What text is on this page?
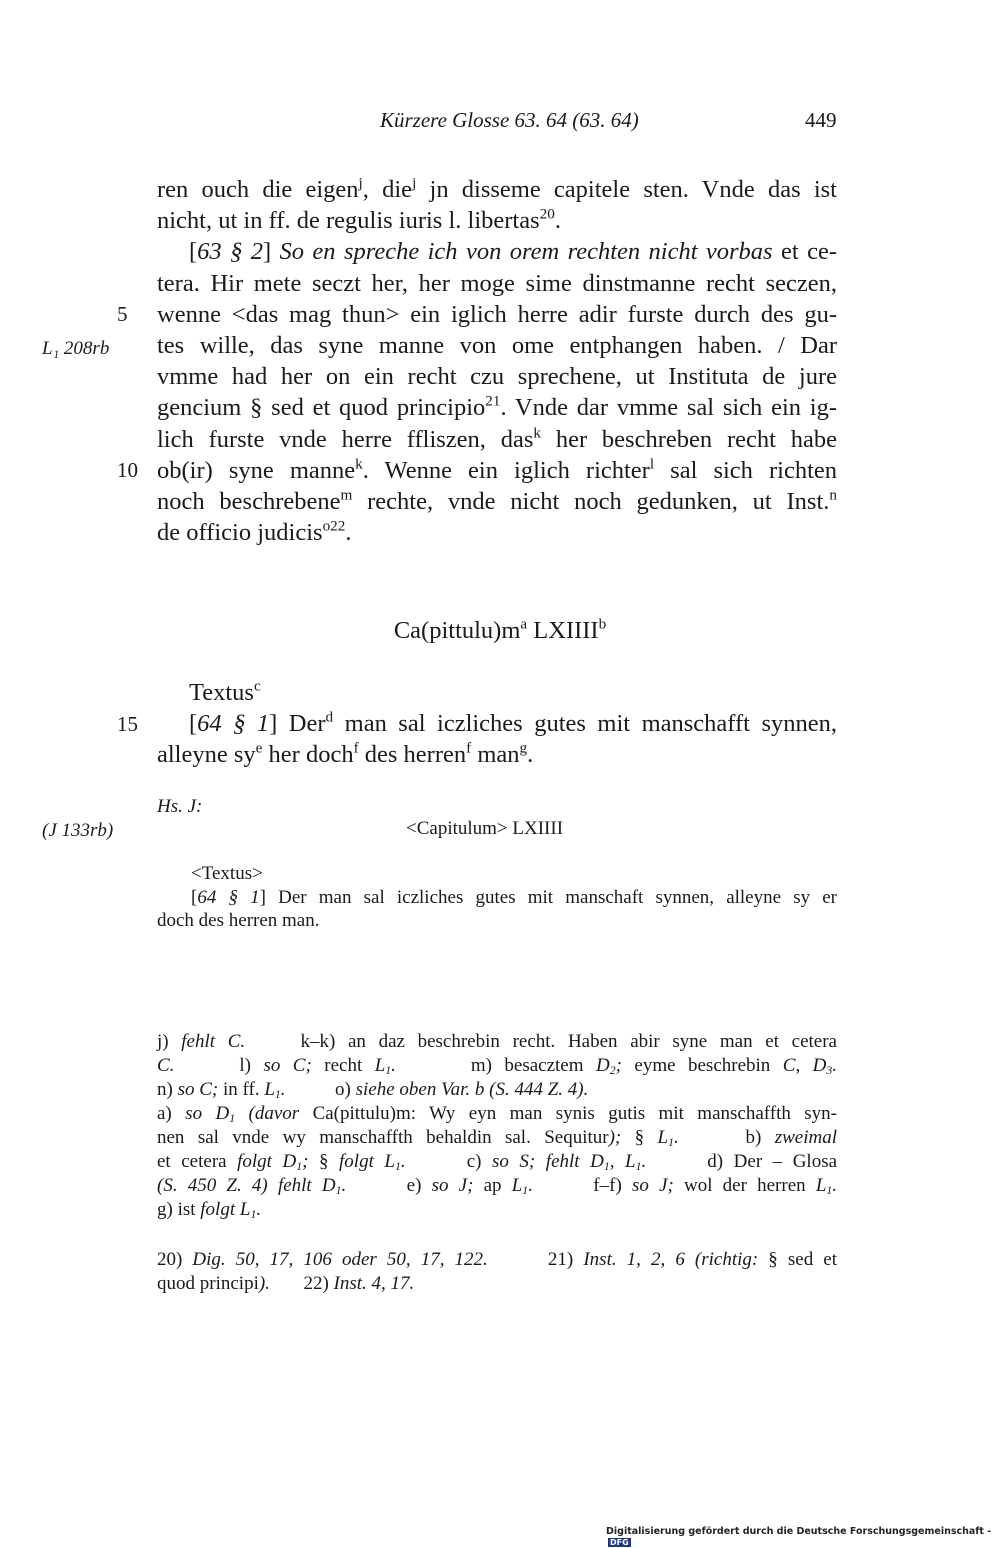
Kürzere Glosse 63. 64 (63. 64)	449
ren ouch die eigen$^j$, die$^j$ jn disseme capitele sten. Vnde das ist
nicht, ut in ff. de regulis iuris l. libertas$^{20}$.
[63 § 2] So en spreche ich von orem rechten nicht vorbas et ce-
tera. Hir mete seczt her, her moge sime dinstmanne recht seczen,
wenne <das mag thun> ein iglich herre adir furste durch des gu-
tes wille, das syne manne von ome entphangen haben. / Dar
vmme had her on ein recht czu sprechene, ut Instituta de jure
gencium § sed et quod principio$^{21}$. Vnde dar vmme sal sich ein ig-
lich furste vnde herre ffliszen, das$^k$ her beschreben recht habe
ob(ir) syne manne$^k$. Wenne ein iglich richter$^l$ sal sich richten
noch beschrebene$^m$ rechte, vnde nicht noch gedunken, ut Inst.$^n$
de officio judicis$^{o22}$.
5
10
15
L₁ 208rb
(J 133rb)
$Ca(pittulu)m^a$ LXIIII$^b$
Textus$^c$
[64 § 1] Der$^d$ man sal iczliches gutes mit manschafft synnen,
alleyne $sy^e$ her doch$^f$ des herren$^f$ man$^g$.
Hs. J:
<Capitulum> LXIIII
<Textus>
[64 § 1] Der man sal iczliches gutes mit manschaft synnen, alleyne sy er
doch des herren man.
j) fehlt C.  k–k) an daz beschrebin recht. Haben abir syne man et cetera
C.	l) so C; recht $L_1$.	m) besacztem $D_2$; eyme beschrebin C, $D_3$.
n) so C; in ff. $L_1$.  o) siehe oben Var. b (S. 444 Z. 4).
a) so $D_1$ (davor Ca(pittulu)m: Wy eyn man synis gutis mit manschaffth syn-
nen sal vnde wy manschaffth behaldin sal. Sequitur); § $L_1$.	b) zweimal
et cetera folgt $D_1$; § folgt $L_1$.	c) so S; fehlt $D_1$, $L_1$.	d) Der – Glosa
(S. 450 Z. 4) fehlt $D_1$.	e) so J; ap $L_1$.	f–f) so J; wol der herren $L_1$.
g) ist folgt $L_1$.
20) Dig. 50, 17, 106 oder 50, 17, 122.	21) Inst. 1, 2, 6 (richtig: § sed et
quod principi).  22) Inst. 4, 17.
Digitalisierung gefördert durch die Deutsche Forschungsgemeinschaft -DFG
